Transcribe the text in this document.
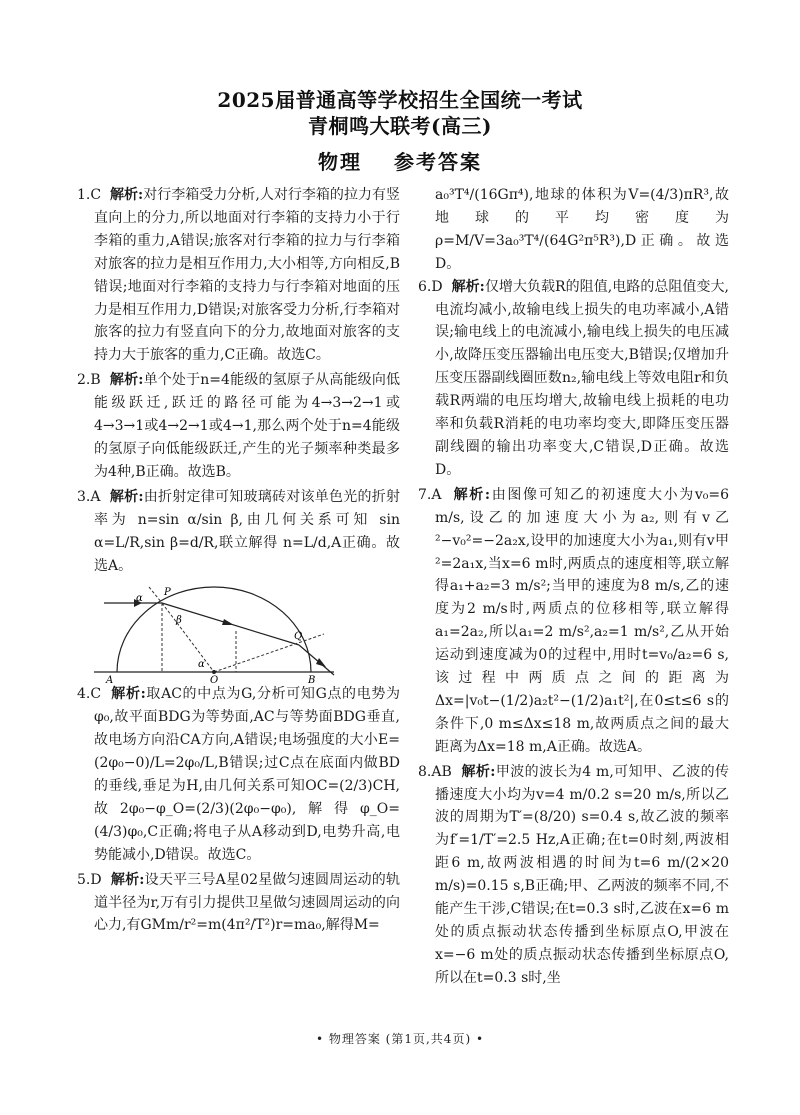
2025届普通高等学校招生全国统一考试
青桐鸣大联考(高三)
物理 参考答案

1.C 解析:对行李箱受力分析,人对行李箱的拉力有竖直向上的分力,所以地面对行李箱的支持力小于行李箱的重力,A错误;旅客对行李箱的拉力与行李箱对旅客的拉力是相互作用力,大小相等,方向相反,B错误;地面对行李箱的支持力与行李箱对地面的压力是相互作用力,D错误;对旅客受力分析,行李箱对旅客的拉力有竖直向下的分力,故地面对旅客的支持力大于旅客的重力,C正确。故选C。

2.B 解析:单个处于n=4能级的氢原子从高能级向低能级跃迁,跃迁的路径可能为4→3→2→1或4→3→1或4→2→1或4→1,那么两个处于n=4能级的氢原子向低能级跃迁,产生的光子频率种类最多为4种,B正确。故选B。

3.A 解析:由折射定律可知玻璃砖对该单色光的折射率为 n=sin α/sin β,由几何关系可知 sin α=L/R,sin β=d/R,联立解得 n=L/d,A正确。故选A。

α
P
β
α
A	O	B
Q

4.C 解析:取AC的中点为G,分析可知G点的电势为φ₀,故平面BDG为等势面,AC与等势面BDG垂直,故电场方向沿CA方向,A错误;电场强度的大小E=(2φ₀−0)/L=2φ₀/L,B错误;过C点在底面内做BD的垂线,垂足为H,由几何关系可知OC=(2/3)CH,故2φ₀−φ_O=(2/3)(2φ₀−φ₀),解得φ_O=(4/3)φ₀,C正确;将电子从A移动到D,电势升高,电势能减小,D错误。故选C。

5.D 解析:设天平三号A星02星做匀速圆周运动的轨道半径为r,万有引力提供卫星做匀速圆周运动的向心力,有GMm/r²=m(4π²/T²)r=ma₀,解得M=

a₀³T⁴/(16Gπ⁴),地球的体积为V=(4/3)πR³,故地球的平均密度为ρ=M/V=3a₀³T⁴/(64G²π⁵R³),D正确。故选D。

6.D 解析:仅增大负载R的阻值,电路的总阻值变大,电流均减小,故输电线上损失的电功率减小,A错误;输电线上的电流减小,输电线上损失的电压减小,故降压变压器输出电压变大,B错误;仅增加升压变压器副线圈匝数n₂,输电线上等效电阻r和负载R两端的电压均增大,故输电线上损耗的电功率和负载R消耗的电功率均变大,即降压变压器副线圈的输出功率变大,C错误,D正确。故选D。

7.A 解析:由图像可知乙的初速度大小为v₀=6 m/s,设乙的加速度大小为a₂,则有v乙²−v₀²=−2a₂x,设甲的加速度大小为a₁,则有v甲²=2a₁x,当x=6 m时,两质点的速度相等,联立解得a₁+a₂=3 m/s²;当甲的速度为8 m/s,乙的速度为2 m/s时,两质点的位移相等,联立解得a₁=2a₂,所以a₁=2 m/s²,a₂=1 m/s²,乙从开始运动到速度减为0的过程中,用时t=v₀/a₂=6 s,该过程中两质点之间的距离为Δx=|v₀t−(1/2)a₂t²−(1/2)a₁t²|,在0≤t≤6 s的条件下,0 m≤Δx≤18 m,故两质点之间的最大距离为Δx=18 m,A正确。故选A。

8.AB 解析:甲波的波长为4 m,可知甲、乙波的传播速度大小均为v=4 m/0.2 s=20 m/s,所以乙波的周期为T′=(8/20) s=0.4 s,故乙波的频率为f′=1/T′=2.5 Hz,A正确;在t=0时刻,两波相距6 m,故两波相遇的时间为t=6 m/(2×20 m/s)=0.15 s,B正确;甲、乙两波的频率不同,不能产生干涉,C错误;在t=0.3 s时,乙波在x=6 m处的质点振动状态传播到坐标原点O,甲波在x=−6 m处的质点振动状态传播到坐标原点O,所以在t=0.3 s时,坐

• 物理答案 (第1页,共4页) •
